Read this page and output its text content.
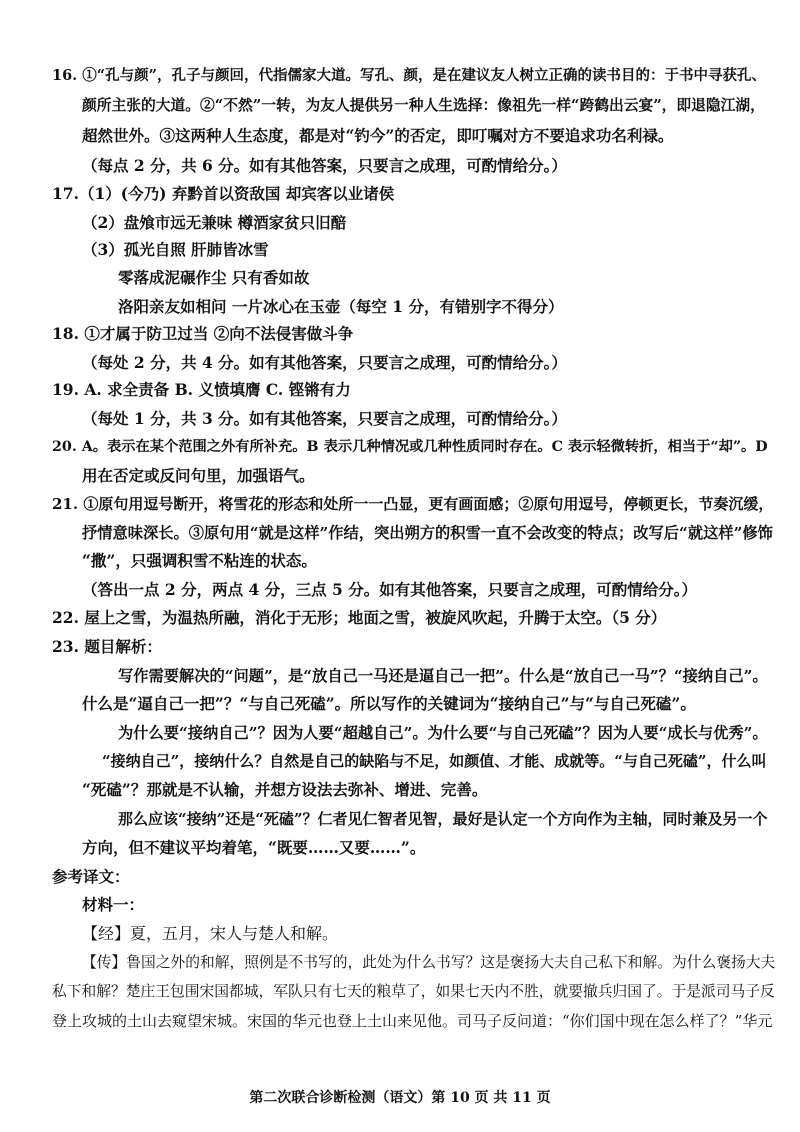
16. ①“孔与颜”，孔子与颜回，代指儒家大道。写孔、颜，是在建议友人树立正确的读书目的：于书中寻获孔、
颜所主张的大道。②“不然”一转，为友人提供另一种人生选择：像祖先一样“跨鹤出云宴”，即退隐江湖，
超然世外。③这两种人生态度，都是对“钓今”的否定，即叮嘱对方不要追求功名利禄。
（每点 2 分，共 6 分。如有其他答案，只要言之成理，可酌情给分。）
17.（1）(今乃) 弃黔首以资敌国 却宾客以业诸侯
（2）盘飧市远无兼味 樽酒家贫只旧醅
（3）孤光自照 肝肺皆冰雪
零落成泥碾作尘 只有香如故
洛阳亲友如相问 一片冰心在玉壶（每空 1 分，有错别字不得分）
18. ①才属于防卫过当 ②向不法侵害做斗争
（每处 2 分，共 4 分。如有其他答案，只要言之成理，可酌情给分。）
19. A. 求全责备 B. 义愤填膺 C. 铿锵有力
（每处 1 分，共 3 分。如有其他答案，只要言之成理，可酌情给分。）
20. A。表示在某个范围之外有所补充。B 表示几种情况或几种性质同时存在。C 表示轻微转折，相当于“却”。D
用在否定或反问句里，加强语气。
21. ①原句用逗号断开，将雪花的形态和处所一一凸显，更有画面感；②原句用逗号，停顿更长，节奏沉缓，
抒情意味深长。③原句用“就是这样”作结，突出朔方的积雪一直不会改变的特点；改写后“就这样”修饰
“撒”，只强调积雪不粘连的状态。
（答出一点 2 分，两点 4 分，三点 5 分。如有其他答案，只要言之成理，可酌情给分。）
22. 屋上之雪，为温热所融，消化于无形；地面之雪，被旋风吹起，升腾于太空。（5 分）
23. 题目解析：
写作需要解决的“问题”，是“放自己一马还是逼自己一把”。什么是“放自己一马”？“接纳自己”。
什么是“逼自己一把”？“与自己死磕”。所以写作的关键词为“接纳自己”与“与自己死磕”。
为什么要“接纳自己”？因为人要“超越自己”。为什么要“与自己死磕”？因为人要“成长与优秀”。
“接纳自己”，接纳什么？自然是自己的缺陷与不足，如颜值、才能、成就等。“与自己死磕”，什么叫
“死磕”？那就是不认输，并想方设法去弥补、增进、完善。
那么应该“接纳”还是“死磕”？仁者见仁智者见智，最好是认定一个方向作为主轴，同时兼及另一个
方向，但不建议平均着笔，“既要……又要……”。
参考译文：
材料一：
【经】夏，五月，宋人与楚人和解。
【传】鲁国之外的和解，照例是不书写的，此处为什么书写？这是褒扬大夫自己私下和解。为什么褒扬大夫
私下和解？楚庄王包围宋国都城，军队只有七天的粮草了，如果七天内不胜，就要撤兵归国了。于是派司马子反
登上攻城的土山去窥望宋城。宋国的华元也登上土山来见他。司马子反问道：“你们国中现在怎么样了？”华元
第二次联合诊断检测（语文）第 10 页 共 11 页
